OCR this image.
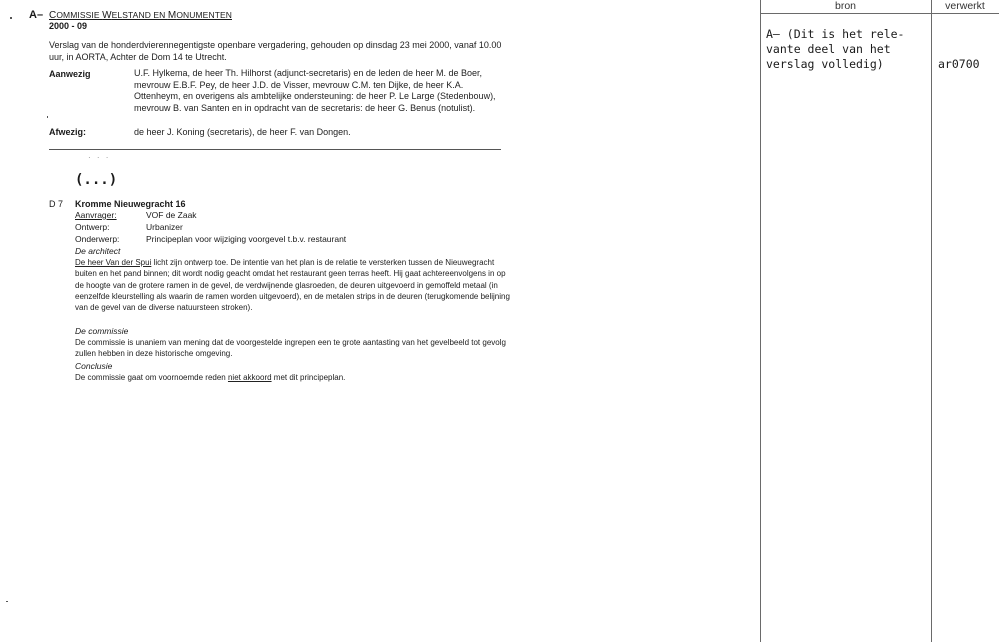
A– COMMISSIE WELSTAND EN MONUMENTEN
2000 - 09
Verslag van de honderdvierennegentigste openbare vergadering, gehouden op dinsdag 23 mei 2000, vanaf 10.00 uur, in AORTA, Achter de Dom 14 te Utrecht.
Aanwezig	U.F. Hylkema, de heer Th. Hilhorst (adjunct-secretaris) en de leden de heer M. de Boer, mevrouw E.B.F. Pey, de heer J.D. de Visser, mevrouw C.M. ten Dijke, de heer K.A. Ottenheym, en overigens als ambtelijke ondersteuning: de heer P. Le Large (Stedenbouw), mevrouw B. van Santen en in opdracht van de secretaris: de heer G. Benus (notulist).
Afwezig:	de heer J. Koning (secretaris), de heer F. van Dongen.
· · ·
(...)
D 7 Kromme Nieuwegracht 16
Aanvrager:	VOF de Zaak
Ontwerp:	Urbanizer
Onderwerp:	Principeplan voor wijziging voorgevel t.b.v. restaurant
De architect
De heer Van der Spui licht zijn ontwerp toe. De intentie van het plan is de relatie te versterken tussen de Nieuwegracht buiten en het pand binnen; dit wordt nodig geacht omdat het restaurant geen terras heeft. Hij gaat achtereenvolgens in op de hoogte van de grotere ramen in de gevel, de verdwijnende glasroeden, de deuren uitgevoerd in gemoffeld metaal (in eenzelfde kleurstelling als waarin de ramen worden uitgevoerd), en de metalen strips in de deuren (terugkomende belijning van de gevel van de diverse natuursteen stroken).
De commissie
De commissie is unaniem van mening dat de voorgestelde ingrepen een te grote aantasting van het gevelbeeld tot gevolg zullen hebben in deze historische omgeving.
Conclusie
De commissie gaat om voornoemde reden niet akkoord met dit principeplan.
bron	verwerkt
A– (Dit is het rele-
vante deel van het
verslag volledig)	ar0700
